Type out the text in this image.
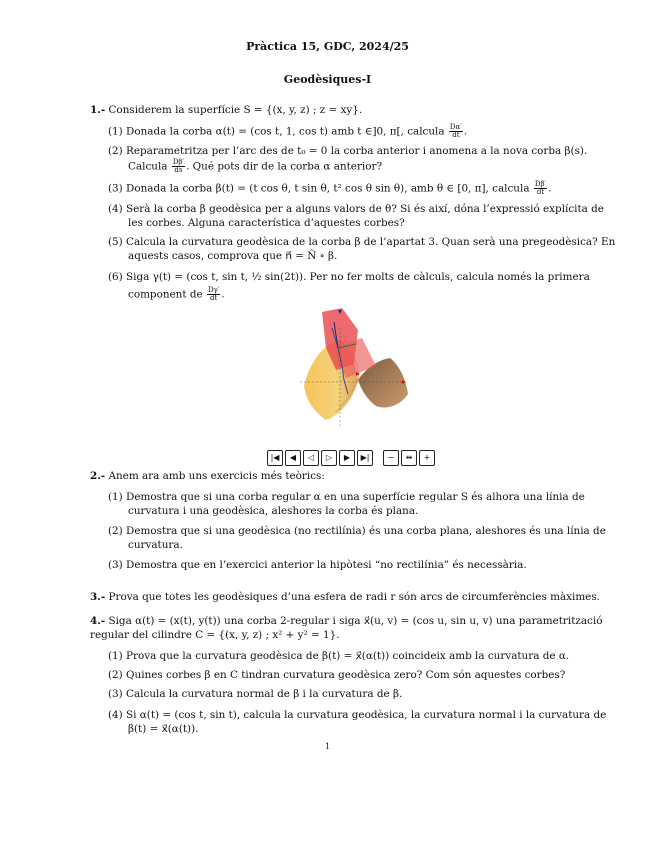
Pràctica 15, GDC, 2024/25
Geodèsiques-I
1.- Considerem la superfície S = {(x, y, z) ; z = xy}.
(1) Donada la corba α(t) = (cos t, 1, cos t) amb t ∈]0, π[, calcula $\frac{D\alpha'}{dt}$ .
(2) Reparametritza per l’arc des de t₀ = 0 la corba anterior i anomena a la nova corba β(s).
Calcula $\frac{D\beta'}{ds}$ . Qué pots dir de la corba α anterior?
(3) Donada la corba β(t) = (t cos θ, t sin θ, t² cos θ sin θ), amb θ ∈ [0, π], calcula $\frac{D\beta'}{dt}$ .
(4) Serà la corba β geodèsica per a alguns valors de θ? Si és així, dóna l’expressió explícita de
les corbes. Alguna característica d’aquestes corbes?
(5) Calcula la curvatura geodèsica de la corba β de l’apartat 3. Quan serà una pregeodèsica? En
aquests casos, comprova que n⃗ = N̂ ∘ β.
(6) Siga γ(t) = (cos t, sin t, ½ sin(2t)). Per no fer molts de càlculs, calcula només la primera
component de $\frac{D\gamma'}{dt}$ .
|◀	◀	◁	▷	▶	▶|	−	⇹	+
2.- Anem ara amb uns exercicis més teòrics:
(1) Demostra que si una corba regular α en una superfície regular S és alhora una línia de
curvatura i una geodèsica, aleshores la corba és plana.
(2) Demostra que si una geodèsica (no rectilínia) és una corba plana, aleshores és una línia de
curvatura.
(3) Demostra que en l’exercici anterior la hipòtesi “no rectilínia” és necessària.
3.- Prova que totes les geodèsiques d’una esfera de radi r són arcs de circumferències màximes.
4.- Siga α(t) = (x(t), y(t)) una corba 2-regular i siga x⃗(u, v) = (cos u, sin u, v) una parametrització
regular del cilindre C = {(x, y, z) ; x² + y² = 1}.
(1) Prova que la curvatura geodèsica de β(t) = x⃗(α(t)) coincideix amb la curvatura de α.
(2) Quines corbes β en C tindran curvatura geodèsica zero? Com són aquestes corbes?
(3) Calcula la curvatura normal de β i la curvatura de β.
(4) Si α(t) = (cos t, sin t), calcula la curvatura geodèsica, la curvatura normal i la curvatura de
β(t) = x⃗(α(t)).
1
